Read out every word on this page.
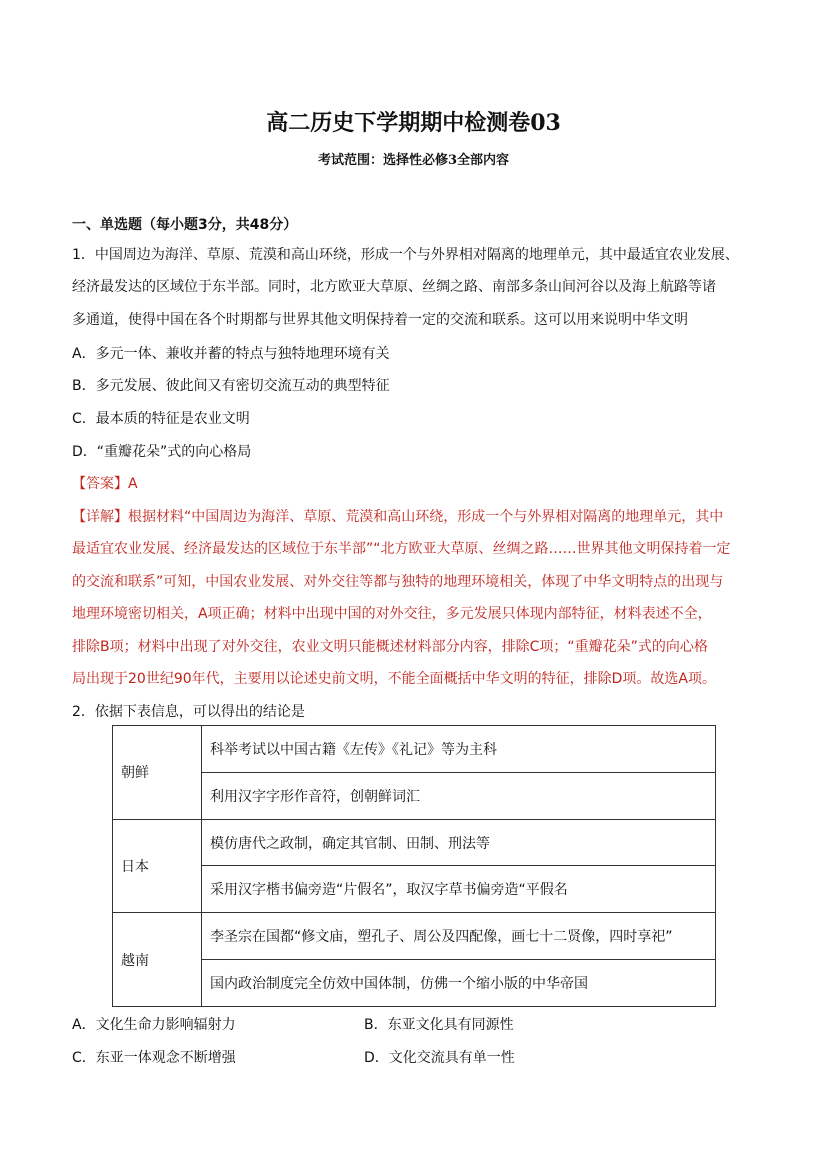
高二历史下学期期中检测卷03
考试范围：选择性必修3全部内容
一、单选题（每小题3分，共48分）
1．中国周边为海洋、草原、荒漠和高山环绕，形成一个与外界相对隔离的地理单元，其中最适宜农业发展、
经济最发达的区域位于东半部。同时，北方欧亚大草原、丝绸之路、南部多条山间河谷以及海上航路等诸
多通道，使得中国在各个时期都与世界其他文明保持着一定的交流和联系。这可以用来说明中华文明
A．多元一体、兼收并蓄的特点与独特地理环境有关
B．多元发展、彼此间又有密切交流互动的典型特征
C．最本质的特征是农业文明
D．“重瓣花朵”式的向心格局
【答案】A
【详解】根据材料“中国周边为海洋、草原、荒漠和高山环绕，形成一个与外界相对隔离的地理单元，其中
最适宜农业发展、经济最发达的区域位于东半部”“北方欧亚大草原、丝绸之路……世界其他文明保持着一定
的交流和联系”可知，中国农业发展、对外交往等都与独特的地理环境相关，体现了中华文明特点的出现与
地理环境密切相关，A项正确；材料中出现中国的对外交往，多元发展只体现内部特征，材料表述不全，
排除B项；材料中出现了对外交往，农业文明只能概述材料部分内容，排除C项；“重瓣花朵”式的向心格
局出现于20世纪90年代，主要用以论述史前文明，不能全面概括中华文明的特征，排除D项。故选A项。
2．依据下表信息，可以得出的结论是
朝鲜	科举考试以中国古籍《左传》《礼记》等为主科
	利用汉字字形作音符，创朝鲜词汇
日本	模仿唐代之政制，确定其官制、田制、刑法等
	采用汉字楷书偏旁造“片假名”，取汉字草书偏旁造“平假名
越南	李圣宗在国都“修文庙，塑孔子、周公及四配像，画七十二贤像，四时享祀”
	国内政治制度完全仿效中国体制，仿佛一个缩小版的中华帝国
A．文化生命力影响辐射力	B．东亚文化具有同源性
C．东亚一体观念不断增强	D．文化交流具有单一性
